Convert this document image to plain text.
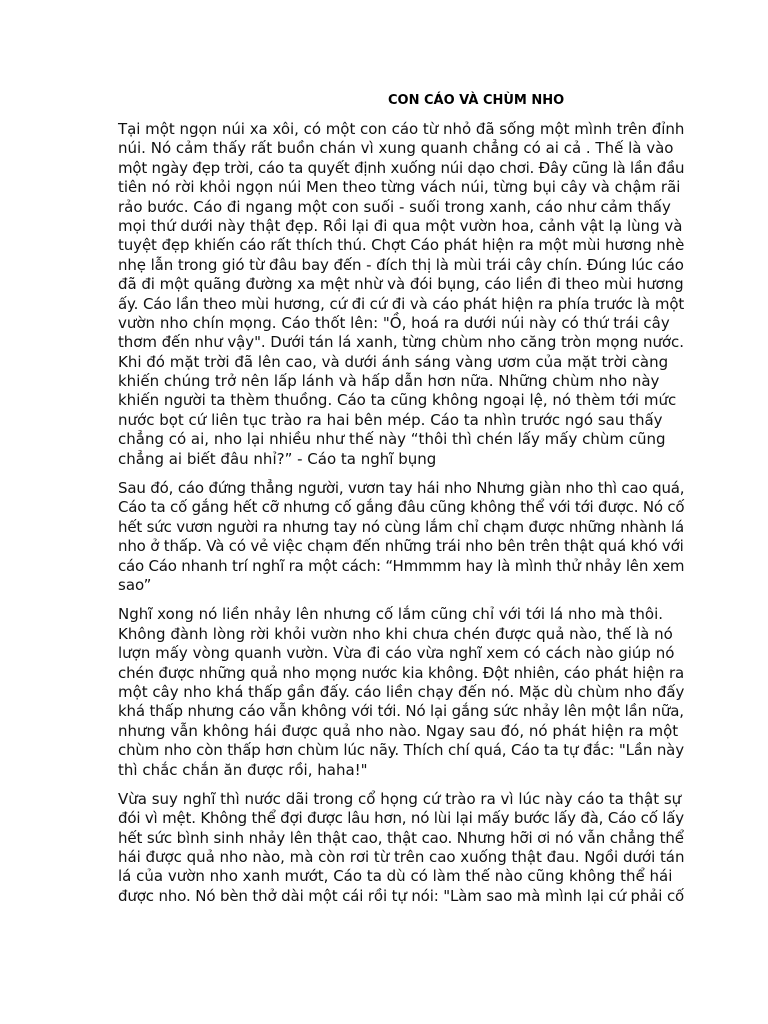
CON CÁO VÀ CHÙM NHO
Tại một ngọn núi xa xôi, có một con cáo từ nhỏ đã sống một mình trên đỉnh
núi. Nó cảm thấy rất buồn chán vì xung quanh chẳng có ai cả . Thế là vào
một ngày đẹp trời, cáo ta quyết định xuống núi dạo chơi. Đây cũng là lần đầu
tiên nó rời khỏi ngọn núi Men theo từng vách núi, từng bụi cây và chậm rãi
rảo bước. Cáo đi ngang một con suối - suối trong xanh, cáo như cảm thấy
mọi thứ dưới này thật đẹp. Rồi lại đi qua một vườn hoa, cảnh vật lạ lùng và
tuyệt đẹp khiến cáo rất thích thú. Chợt Cáo phát hiện ra một mùi hương nhè
nhẹ lẫn trong gió từ đâu bay đến - đích thị là mùi trái cây chín. Đúng lúc cáo
đã đi một quãng đường xa mệt nhừ và đói bụng, cáo liền đi theo mùi hương
ấy. Cáo lần theo mùi hương, cứ đi cứ đi và cáo phát hiện ra phía trước là một
vườn nho chín mọng. Cáo thốt lên: "Ồ, hoá ra dưới núi này có thứ trái cây
thơm đến như vậy". Dưới tán lá xanh, từng chùm nho căng tròn mọng nước.
Khi đó mặt trời đã lên cao, và dưới ánh sáng vàng ươm của mặt trời càng
khiến chúng trở nên lấp lánh và hấp dẫn hơn nữa. Những chùm nho này
khiến người ta thèm thuồng. Cáo ta cũng không ngoại lệ, nó thèm tới mức
nước bọt cứ liên tục trào ra hai bên mép. Cáo ta nhìn trước ngó sau thấy
chẳng có ai, nho lại nhiều như thế này “thôi thì chén lấy mấy chùm cũng
chẳng ai biết đâu nhỉ?” - Cáo ta nghĩ bụng
Sau đó, cáo đứng thẳng người, vươn tay hái nho Nhưng giàn nho thì cao quá,
Cáo ta cố gắng hết cỡ nhưng cố gắng đâu cũng không thể với tới được. Nó cố
hết sức vươn người ra nhưng tay nó cùng lắm chỉ chạm được những nhành lá
nho ở thấp. Và có vẻ việc chạm đến những trái nho bên trên thật quá khó với
cáo Cáo nhanh trí nghĩ ra một cách: “Hmmmm hay là mình thử nhảy lên xem
sao”
Nghĩ xong nó liền nhảy lên nhưng cố lắm cũng chỉ với tới lá nho mà thôi.
Không đành lòng rời khỏi vườn nho khi chưa chén được quả nào, thế là nó
lượn mấy vòng quanh vườn. Vừa đi cáo vừa nghĩ xem có cách nào giúp nó
chén được những quả nho mọng nước kia không. Đột nhiên, cáo phát hiện ra
một cây nho khá thấp gần đấy. cáo liền chạy đến nó. Mặc dù chùm nho đấy
khá thấp nhưng cáo vẫn không với tới. Nó lại gắng sức nhảy lên một lần nữa,
nhưng vẫn không hái được quả nho nào. Ngay sau đó, nó phát hiện ra một
chùm nho còn thấp hơn chùm lúc nãy. Thích chí quá, Cáo ta tự đắc: "Lần này
thì chắc chắn ăn được rồi, haha!"
Vừa suy nghĩ thì nước dãi trong cổ họng cứ trào ra vì lúc này cáo ta thật sự
đói vì mệt. Không thể đợi được lâu hơn, nó lùi lại mấy bước lấy đà, Cáo cố lấy
hết sức bình sinh nhảy lên thật cao, thật cao. Nhưng hỡi ơi nó vẫn chẳng thể
hái được quả nho nào, mà còn rơi từ trên cao xuống thật đau. Ngồi dưới tán
lá của vườn nho xanh mướt, Cáo ta dù có làm thế nào cũng không thể hái
được nho. Nó bèn thở dài một cái rồi tự nói: "Làm sao mà mình lại cứ phải cố
